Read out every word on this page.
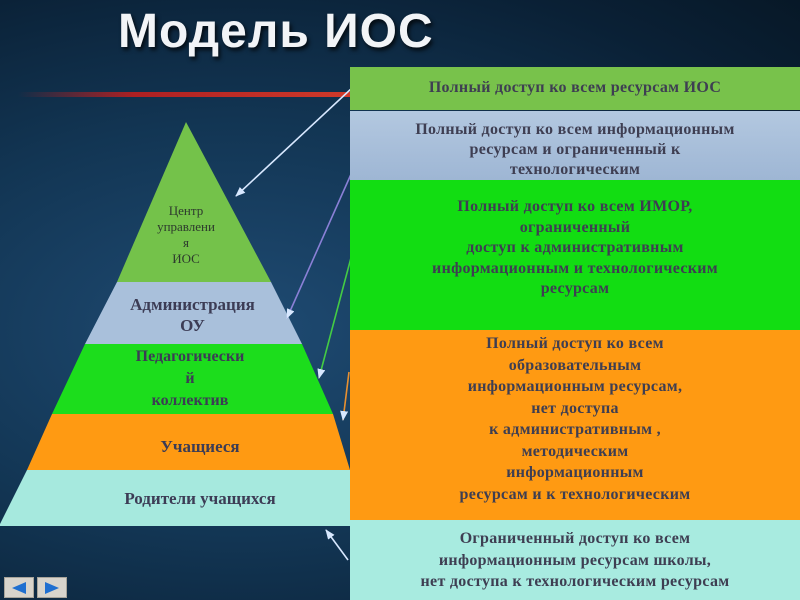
Модель ИОС
Центр
управлени
я
ИОС
Администрация
ОУ
Педагогически
й
коллектив
Учащиеся
Родители учащихся
Полный доступ ко всем ресурсам ИОС
Полный доступ ко всем информационным
ресурсам и ограниченный к
технологическим
Полный доступ ко всем ИМОР,
ограниченный
доступ к административным
информационным и технологическим
ресурсам
Полный доступ ко всем
образовательным
информационным ресурсам,
нет доступа
к административным ,
методическим
информационным
ресурсам и к технологическим
Ограниченный доступ ко всем
информационным ресурсам школы,
нет доступа к технологическим ресурсам
